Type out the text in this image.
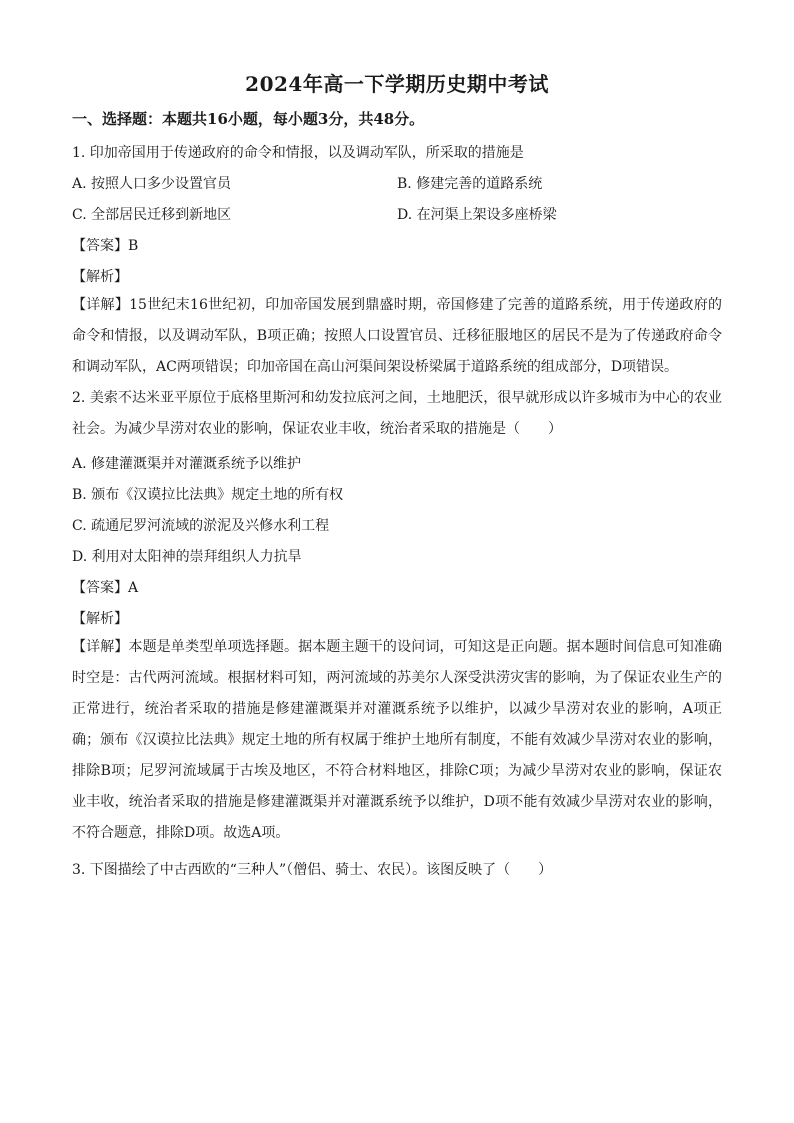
2024年高一下学期历史期中考试
一、选择题：本题共16小题，每小题3分，共48分。
1. 印加帝国用于传递政府的命令和情报，以及调动军队，所采取的措施是
A. 按照人口多少设置官员	B. 修建完善的道路系统
C. 全部居民迁移到新地区	D. 在河渠上架设多座桥梁
【答案】B
【解析】
【详解】15世纪末16世纪初，印加帝国发展到鼎盛时期，帝国修建了完善的道路系统，用于传递政府的命令和情报，以及调动军队，B项正确；按照人口设置官员、迁移征服地区的居民不是为了传递政府命令和调动军队，AC两项错误；印加帝国在高山河渠间架设桥梁属于道路系统的组成部分，D项错误。
2. 美索不达米亚平原位于底格里斯河和幼发拉底河之间，土地肥沃，很早就形成以许多城市为中心的农业社会。为减少旱涝对农业的影响，保证农业丰收，统治者采取的措施是（　　）
A. 修建灌溉渠并对灌溉系统予以维护
B. 颁布《汉谟拉比法典》规定土地的所有权
C. 疏通尼罗河流域的淤泥及兴修水利工程
D. 利用对太阳神的崇拜组织人力抗旱
【答案】A
【解析】
【详解】本题是单类型单项选择题。据本题主题干的设问词，可知这是正向题。据本题时间信息可知准确时空是：古代两河流域。根据材料可知，两河流域的苏美尔人深受洪涝灾害的影响，为了保证农业生产的正常进行，统治者采取的措施是修建灌溉渠并对灌溉系统予以维护，以减少旱涝对农业的影响，A项正确；颁布《汉谟拉比法典》规定土地的所有权属于维护土地所有制度，不能有效减少旱涝对农业的影响，排除B项；尼罗河流域属于古埃及地区，不符合材料地区，排除C项；为减少旱涝对农业的影响，保证农业丰收，统治者采取的措施是修建灌溉渠并对灌溉系统予以维护，D项不能有效减少旱涝对农业的影响，不符合题意，排除D项。故选A项。
3. 下图描绘了中古西欧的“三种人”（僧侣、骑士、农民）。该图反映了（　　）
